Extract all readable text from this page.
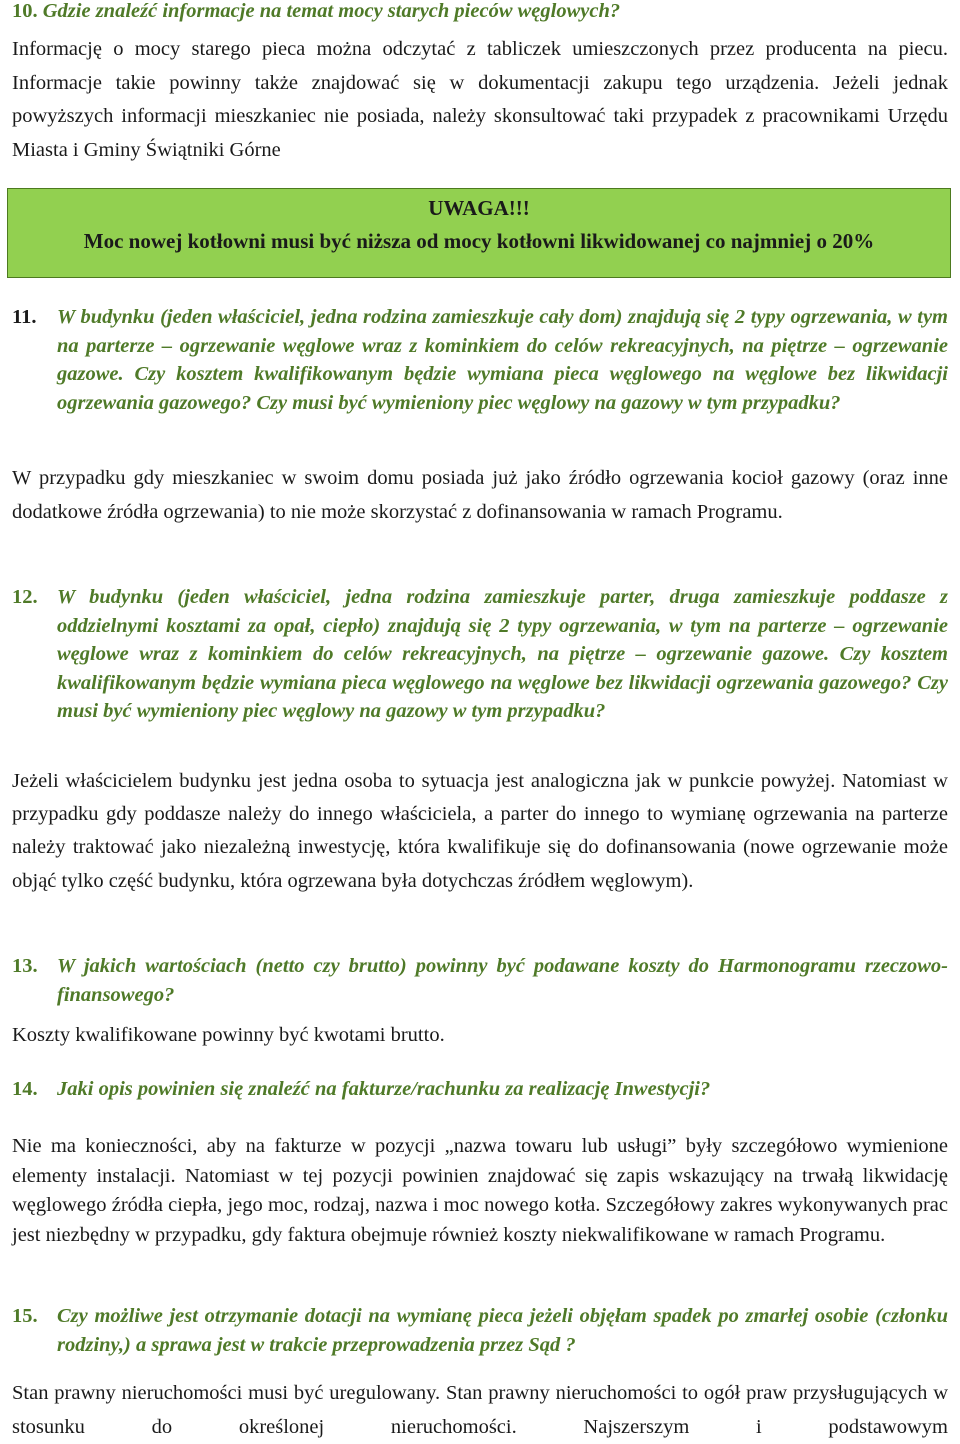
10. Gdzie znaleźć informacje na temat mocy starych pieców węglowych?

Informację o mocy starego pieca można odczytać z tabliczek umieszczonych przez producenta na piecu. Informacje takie powinny także znajdować się w dokumentacji zakupu tego urządzenia. Jeżeli jednak powyższych informacji mieszkaniec nie posiada, należy skonsultować taki przypadek z pracownikami Urzędu Miasta i Gminy Świątniki Górne

UWAGA!!!
Moc nowej kotłowni musi być niższa od mocy kotłowni likwidowanej co najmniej o 20%

11. W budynku (jeden właściciel, jedna rodzina zamieszkuje cały dom) znajdują się 2 typy ogrzewania, w tym na parterze – ogrzewanie węglowe wraz z kominkiem do celów rekreacyjnych, na piętrze – ogrzewanie gazowe. Czy kosztem kwalifikowanym będzie wymiana pieca węglowego na węglowe bez likwidacji ogrzewania gazowego? Czy musi być wymieniony piec węglowy na gazowy w tym przypadku?

W przypadku gdy mieszkaniec w swoim domu posiada już jako źródło ogrzewania kocioł gazowy (oraz inne dodatkowe źródła ogrzewania) to nie może skorzystać z dofinansowania w ramach Programu.

12. W budynku (jeden właściciel, jedna rodzina zamieszkuje parter, druga zamieszkuje poddasze z oddzielnymi kosztami za opał, ciepło) znajdują się 2 typy ogrzewania, w tym na parterze – ogrzewanie węglowe wraz z kominkiem do celów rekreacyjnych, na piętrze – ogrzewanie gazowe. Czy kosztem kwalifikowanym będzie wymiana pieca węglowego na węglowe bez likwidacji ogrzewania gazowego? Czy musi być wymieniony piec węglowy na gazowy w tym przypadku?

Jeżeli właścicielem budynku jest jedna osoba to sytuacja jest analogiczna jak w punkcie powyżej. Natomiast w przypadku gdy poddasze należy do innego właściciela, a parter do innego to wymianę ogrzewania na parterze należy traktować jako niezależną inwestycję, która kwalifikuje się do dofinansowania (nowe ogrzewanie może objąć tylko część budynku, która ogrzewana była dotychczas źródłem węglowym).

13. W jakich wartościach (netto czy brutto) powinny być podawane koszty do Harmonogramu rzeczowo-finansowego?

Koszty kwalifikowane powinny być kwotami brutto.

14. Jaki opis powinien się znaleźć na fakturze/rachunku za realizację Inwestycji?

Nie ma konieczności, aby na fakturze w pozycji „nazwa towaru lub usługi” były szczegółowo wymienione elementy instalacji. Natomiast w tej pozycji powinien znajdować się zapis wskazujący na trwałą likwidację węglowego źródła ciepła, jego moc, rodzaj, nazwa i moc nowego kotła. Szczegółowy zakres wykonywanych prac jest niezbędny w przypadku, gdy faktura obejmuje również koszty niekwalifikowane w ramach Programu.

15. Czy możliwe jest otrzymanie dotacji na wymianę pieca jeżeli objęłam spadek po zmarłej osobie (członku rodziny,) a sprawa jest w trakcie przeprowadzenia przez Sąd ?

Stan prawny nieruchomości musi być uregulowany. Stan prawny nieruchomości to ogół praw przysługujących w stosunku do określonej nieruchomości. Najszerszym i podstawowym
